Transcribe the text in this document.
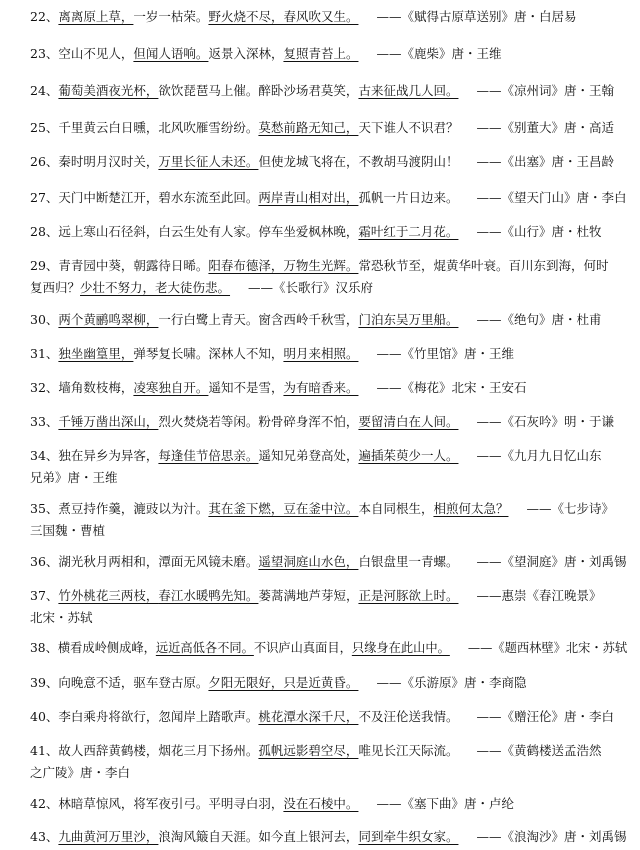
22、离离原上草，一岁一枯荣。野火烧不尽，春风吹又生。 ——《赋得古原草送别》唐・白居易
23、空山不见人，但闻人语响。返景入深林，复照青苔上。 ——《鹿柴》唐・王维
24、葡萄美酒夜光杯，欲饮琵琶马上催。醉卧沙场君莫笑，古来征战几人回。 ——《凉州词》唐・王翰
25、千里黄云白日曛，北风吹雁雪纷纷。莫愁前路无知己，天下谁人不识君？ ——《别董大》唐・高适
26、秦时明月汉时关，万里长征人未还。但使龙城飞将在，不教胡马渡阴山！ ——《出塞》唐・王昌龄
27、天门中断楚江开，碧水东流至此回。两岸青山相对出，孤帆一片日边来。 ——《望天门山》唐・李白
28、远上寒山石径斜，白云生处有人家。停车坐爱枫林晚，霜叶红于二月花。 ——《山行》唐・杜牧
29、青青园中葵，朝露待日晞。阳春布德泽，万物生光辉。常恐秋节至，焜黄华叶衰。百川东到海，何时复西归？少壮不努力，老大徒伤悲。 ——《长歌行》汉乐府
30、两个黄鹂鸣翠柳，一行白鹭上青天。窗含西岭千秋雪，门泊东吴万里船。 ——《绝句》唐・杜甫
31、独坐幽篁里，弹琴复长啸。深林人不知，明月来相照。 ——《竹里馆》唐・王维
32、墙角数枝梅，凌寒独自开。遥知不是雪，为有暗香来。 ——《梅花》北宋・王安石
33、千锤万凿出深山，烈火焚烧若等闲。粉骨碎身浑不怕，要留清白在人间。 ——《石灰吟》明・于谦
34、独在异乡为异客，每逢佳节倍思亲。遥知兄弟登高处，遍插茱萸少一人。 ——《九月九日忆山东兄弟》唐・王维
35、煮豆持作羹，漉豉以为汁。萁在釜下燃，豆在釜中泣。本自同根生，相煎何太急？ ——《七步诗》三国魏・曹植
36、湖光秋月两相和，潭面无风镜未磨。遥望洞庭山水色，白银盘里一青螺。 ——《望洞庭》唐・刘禹锡
37、竹外桃花三两枝，春江水暖鸭先知。蒌蒿满地芦芽短，正是河豚欲上时。 ——惠崇《春江晚景》北宋・苏轼
38、横看成岭侧成峰，远近高低各不同。不识庐山真面目，只缘身在此山中。 ——《题西林壁》北宋・苏轼
39、向晚意不适，驱车登古原。夕阳无限好，只是近黄昏。 ——《乐游原》唐・李商隐
40、李白乘舟将欲行，忽闻岸上踏歌声。桃花潭水深千尺，不及汪伦送我情。 ——《赠汪伦》唐・李白
41、故人西辞黄鹤楼，烟花三月下扬州。孤帆远影碧空尽，唯见长江天际流。 ——《黄鹤楼送孟浩然之广陵》唐・李白
42、林暗草惊风，将军夜引弓。平明寻白羽，没在石棱中。 ——《塞下曲》唐・卢纶
43、九曲黄河万里沙，浪淘风簸自天涯。如今直上银河去，同到牵牛织女家。 ——《浪淘沙》唐・刘禹锡
